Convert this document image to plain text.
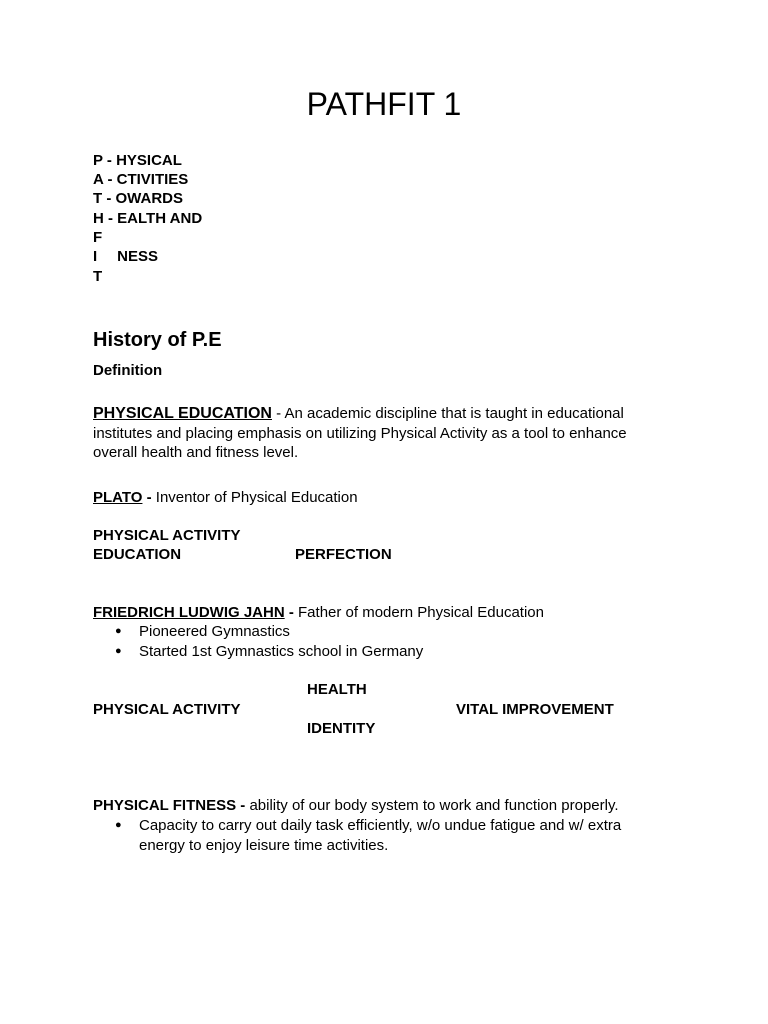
PATHFIT 1
P - HYSICAL
A - CTIVITIES
T - OWARDS
H - EALTH AND
F
I NESS
T
History of P.E
Definition
PHYSICAL EDUCATION - An academic discipline that is taught in educational institutes and placing emphasis on utilizing Physical Activity as a tool to enhance overall health and fitness level.
PLATO - Inventor of Physical Education
PHYSICAL ACTIVITY
EDUCATION	PERFECTION
FRIEDRICH LUDWIG JAHN - Father of modern Physical Education
● Pioneered Gymnastics
● Started 1st Gymnastics school in Germany
HEALTH
PHYSICAL ACTIVITY	VITAL IMPROVEMENT
IDENTITY
PHYSICAL FITNESS - ability of our body system to work and function properly.
● Capacity to carry out daily task efficiently, w/o undue fatigue and w/ extra energy to enjoy leisure time activities.
